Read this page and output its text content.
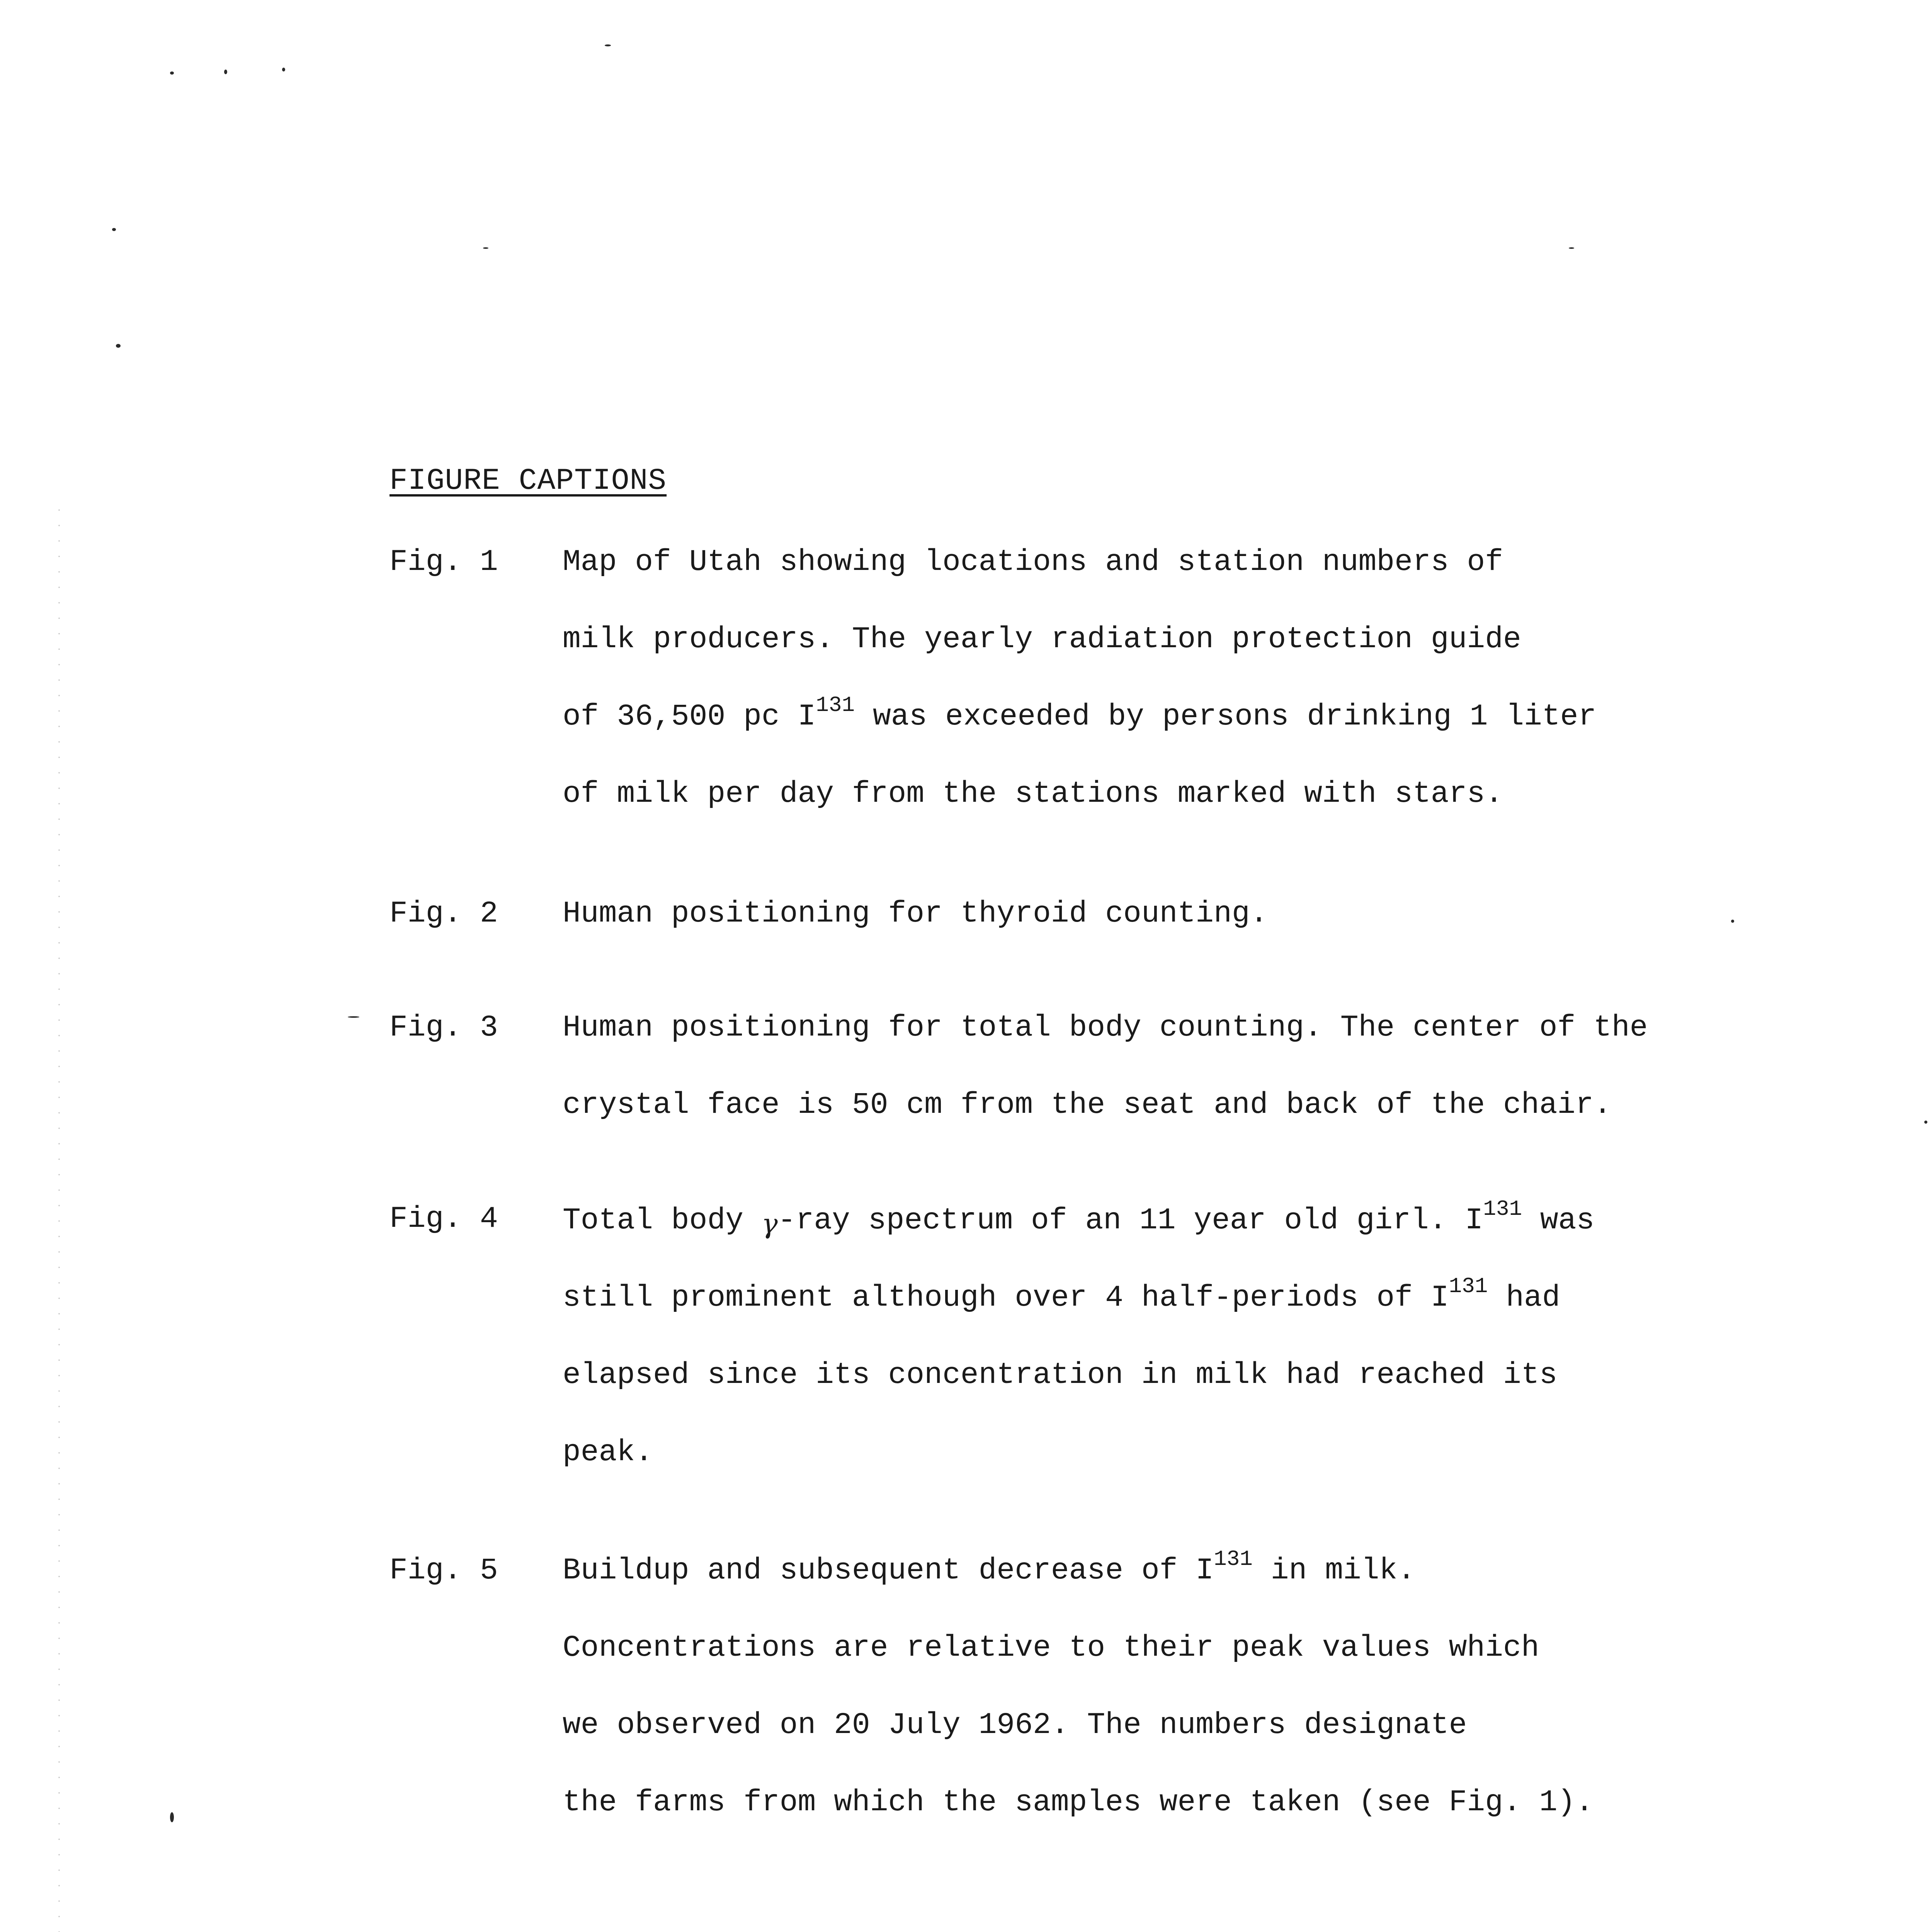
FIGURE CAPTIONS
Fig. 1 Map of Utah showing locations and station numbers of
milk producers. The yearly radiation protection guide
of 36,500 pc $I^{131}$ was exceeded by persons drinking 1 liter
of milk per day from the stations marked with stars.
Fig. 2 Human positioning for thyroid counting.
Fig. 3 Human positioning for total body counting. The center of the
crystal face is 50 cm from the seat and back of the chair.
Fig. 4 Total body γ-ray spectrum of an 11 year old girl. $I^{131}$ was
still prominent although over 4 half-periods of $I^{131}$ had
elapsed since its concentration in milk had reached its
peak.
Fig. 5 Buildup and subsequent decrease of $I^{131}$ in milk.
Concentrations are relative to their peak values which
we observed on 20 July 1962. The numbers designate
the farms from which the samples were taken (see Fig. 1).
